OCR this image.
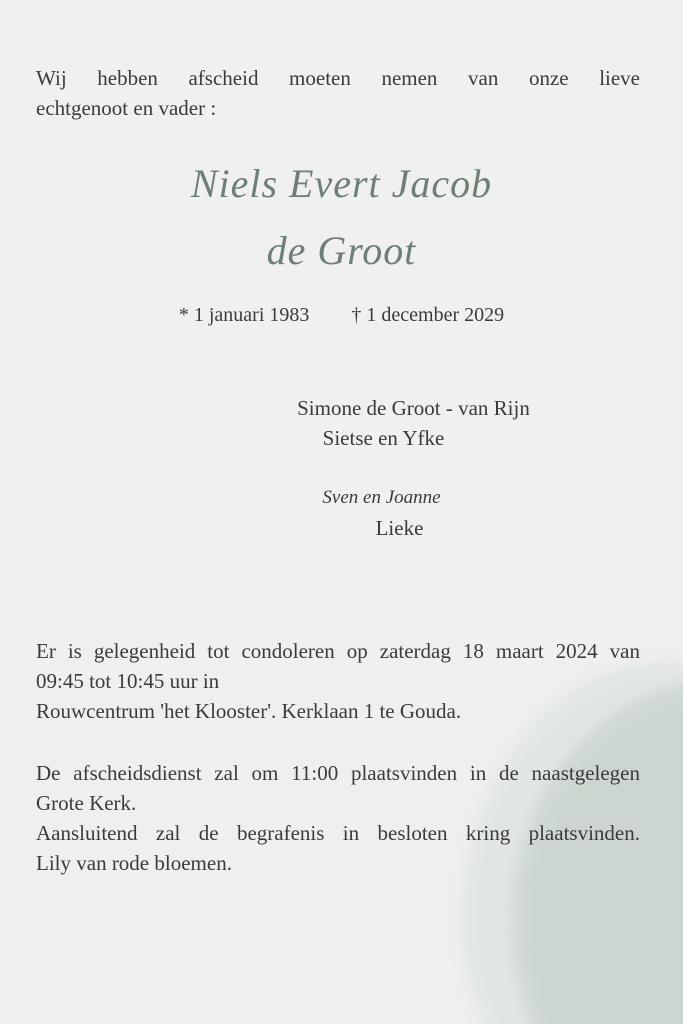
Wij hebben afscheid moeten nemen van onze lieve
echtgenoot en vader :
Niels Evert Jacob
de Groot
* 1 januari 1983 † 1 december 2029
Simone de Groot - van Rijn
Sietse en Yfke
Sven en Joanne
Lieke
Er is gelegenheid tot condoleren op zaterdag 18 maart 2024 van
09:45 tot 10:45 uur in
Rouwcentrum 'het Klooster'. Kerklaan 1 te Gouda.
De afscheidsdienst zal om 11:00 plaatsvinden in de naastgelegen
Grote Kerk.
Aansluitend zal de begrafenis in besloten kring plaatsvinden.
Lily van rode bloemen.
